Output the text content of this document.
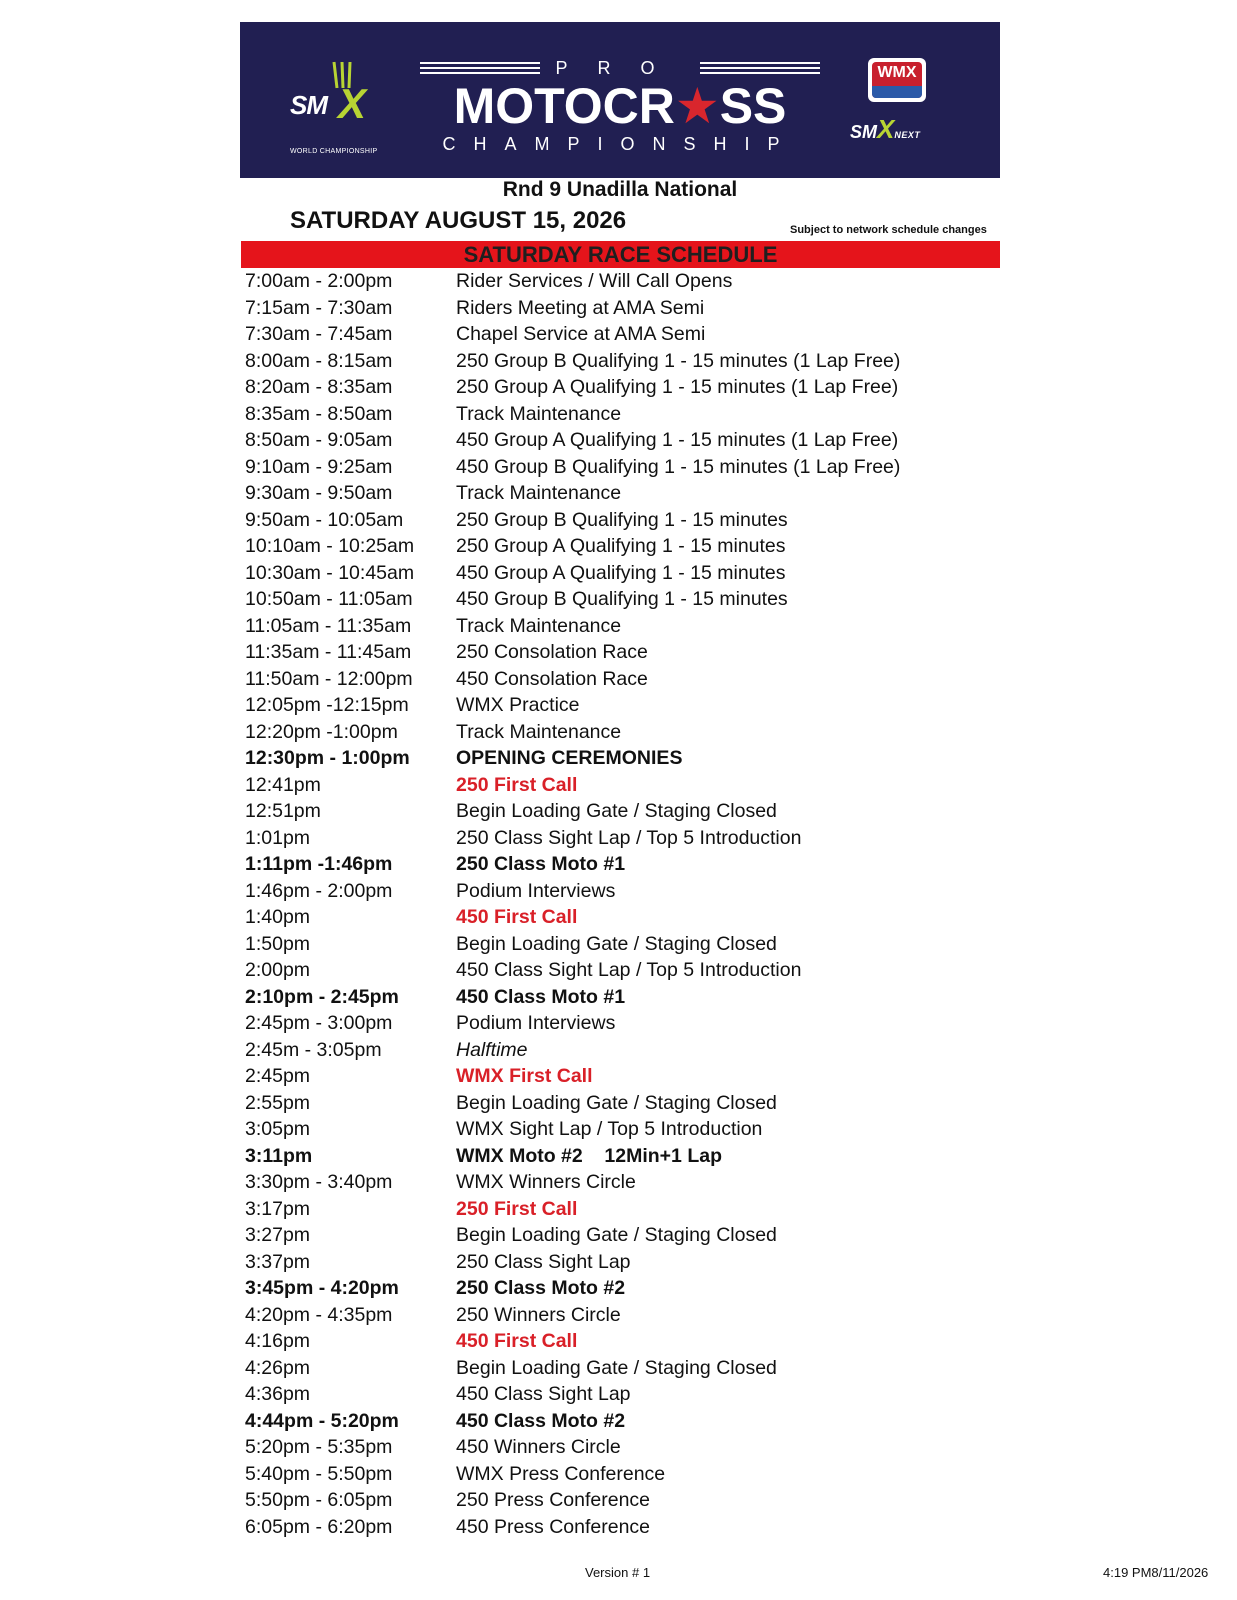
SM X
WORLD CHAMPIONSHIP
PRO
MOTOCR★SS
CHAMPIONSHIP
WMX
SMXNEXT
Rnd 9 Unadilla National
SATURDAY AUGUST 15, 2026	Subject to network schedule changes
SATURDAY RACE SCHEDULE
7:00am - 2:00pm	Rider Services / Will Call Opens
7:15am - 7:30am	Riders Meeting at AMA Semi
7:30am - 7:45am	Chapel Service at AMA Semi
8:00am - 8:15am	250 Group B Qualifying 1 - 15 minutes (1 Lap Free)
8:20am - 8:35am	250 Group A Qualifying 1 - 15 minutes (1 Lap Free)
8:35am - 8:50am	Track Maintenance
8:50am - 9:05am	450 Group A Qualifying 1 - 15 minutes (1 Lap Free)
9:10am - 9:25am	450 Group B Qualifying 1 - 15 minutes (1 Lap Free)
9:30am - 9:50am	Track Maintenance
9:50am - 10:05am	250 Group B Qualifying 1 - 15 minutes
10:10am - 10:25am 250 Group A Qualifying 1 - 15 minutes
10:30am - 10:45am 450 Group A Qualifying 1 - 15 minutes
10:50am - 11:05am 450 Group B Qualifying 1 - 15 minutes
11:05am - 11:35am Track Maintenance
11:35am - 11:45am 250 Consolation Race
11:50am - 12:00pm 450 Consolation Race
12:05pm -12:15pm WMX Practice
12:20pm -1:00pm	Track Maintenance
12:30pm - 1:00pm OPENING CEREMONIES
12:41pm	250 First Call
12:51pm	Begin Loading Gate / Staging Closed
1:01pm	250 Class Sight Lap / Top 5 Introduction
1:11pm -1:46pm	250 Class Moto #1
1:46pm - 2:00pm	Podium Interviews
1:40pm	450 First Call
1:50pm	Begin Loading Gate / Staging Closed
2:00pm	450 Class Sight Lap / Top 5 Introduction
2:10pm - 2:45pm	450 Class Moto #1
2:45pm - 3:00pm	Podium Interviews
2:45m - 3:05pm	Halftime
2:45pm	WMX First Call
2:55pm	Begin Loading Gate / Staging Closed
3:05pm	WMX Sight Lap / Top 5 Introduction
3:11pm	WMX Moto #2    12Min+1 Lap
3:30pm - 3:40pm	WMX Winners Circle
3:17pm	250 First Call
3:27pm	Begin Loading Gate / Staging Closed
3:37pm	250 Class Sight Lap
3:45pm - 4:20pm	250 Class Moto #2
4:20pm - 4:35pm	250 Winners Circle
4:16pm	450 First Call
4:26pm	Begin Loading Gate / Staging Closed
4:36pm	450 Class Sight Lap
4:44pm - 5:20pm	450 Class Moto #2
5:20pm - 5:35pm	450 Winners Circle
5:40pm - 5:50pm	WMX Press Conference
5:50pm - 6:05pm	250 Press Conference
6:05pm - 6:20pm	450 Press Conference
Version # 1	4:19 PM8/11/2026
